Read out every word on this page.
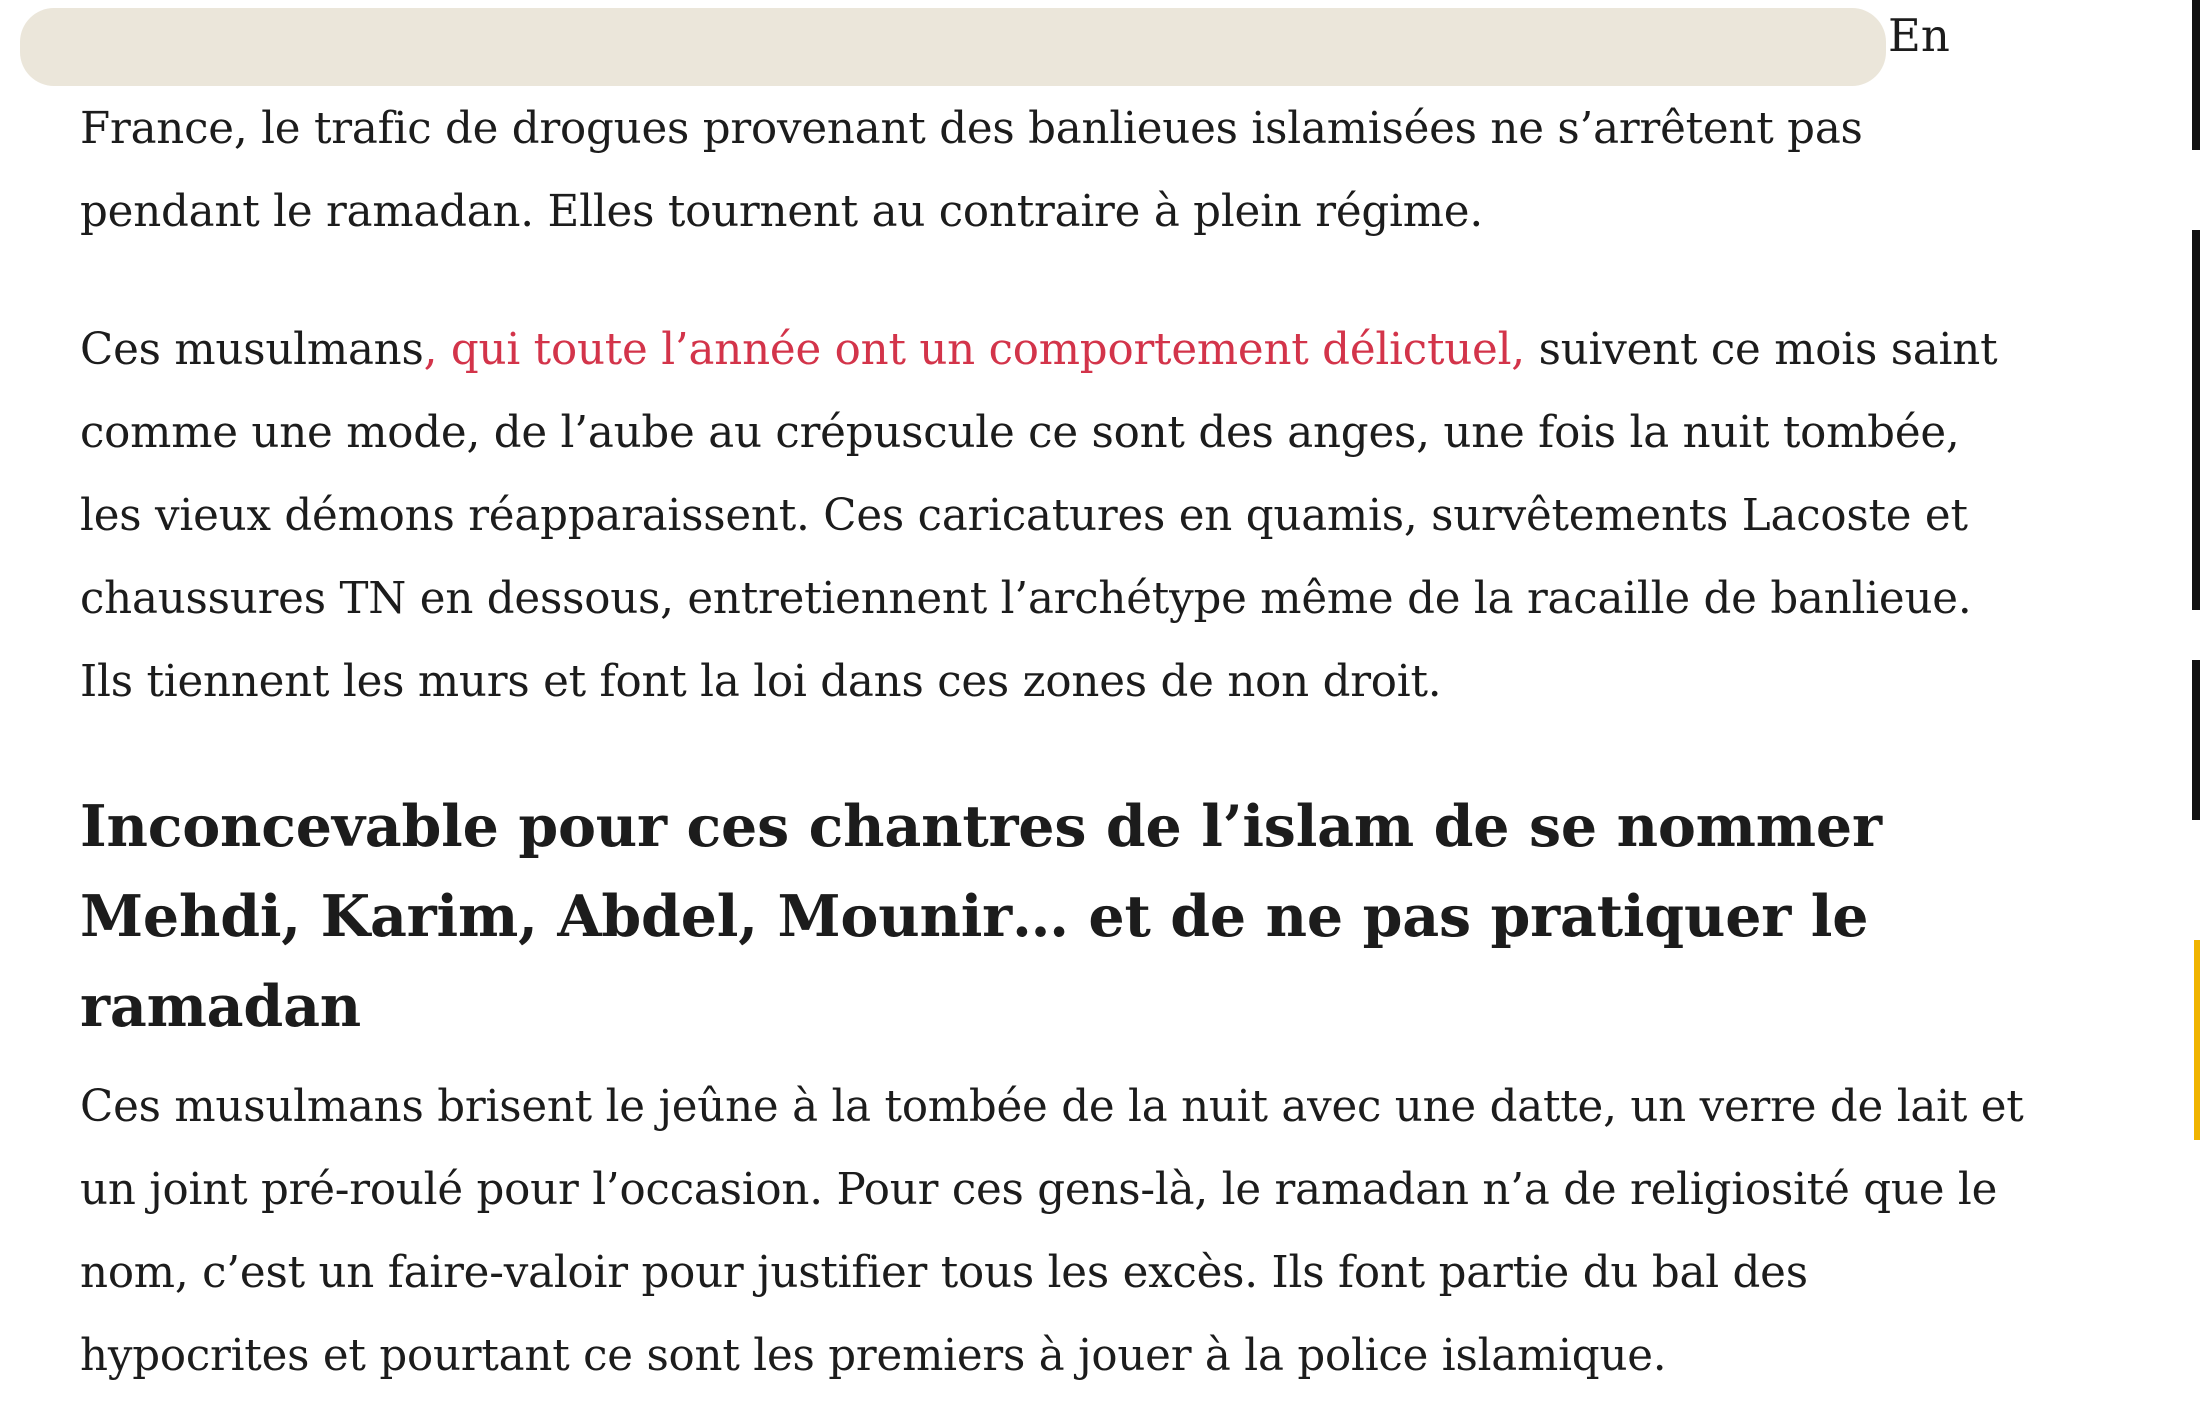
En

France, le trafic de drogues provenant des banlieues islamisées ne s’arrêtent pas
pendant le ramadan. Elles tournent au contraire à plein régime.

Ces musulmans, qui toute l’année ont un comportement délictuel, suivent ce mois saint
comme une mode, de l’aube au crépuscule ce sont des anges, une fois la nuit tombée,
les vieux démons réapparaissent. Ces caricatures en quamis, survêtements Lacoste et
chaussures TN en dessous, entretiennent l’archétype même de la racaille de banlieue.
Ils tiennent les murs et font la loi dans ces zones de non droit.

Inconcevable pour ces chantres de l’islam de se nommer
Mehdi, Karim, Abdel, Mounir… et de ne pas pratiquer le
ramadan

Ces musulmans brisent le jeûne à la tombée de la nuit avec une datte, un verre de lait et
un joint pré-roulé pour l’occasion. Pour ces gens-là, le ramadan n’a de religiosité que le
nom, c’est un faire-valoir pour justifier tous les excès. Ils font partie du bal des
hypocrites et pourtant ce sont les premiers à jouer à la police islamique.
